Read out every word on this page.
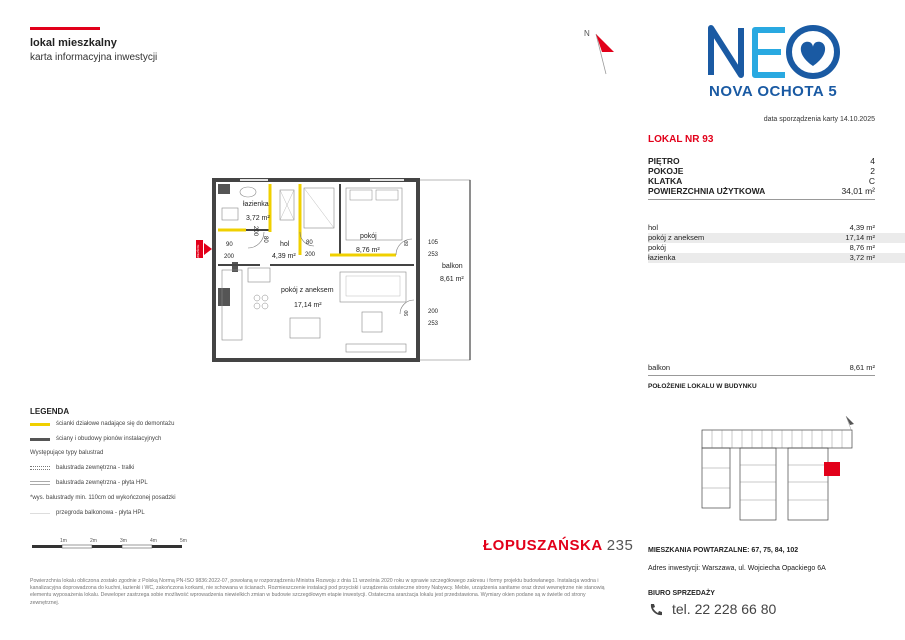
lokal mieszkalny
karta informacyjna inwestycji
N
NOVA OCHOTA 5
data sporządzenia karty 14.10.2025
LOKAL NR 93
PIĘTRO	4
POKOJE	2
KLATKA	C
POWIERZCHNIA UŻYTKOWA	34,01 m²
hol	4,39 m²
pokój z aneksem	17,14 m²
pokój	8,76 m²
łazienka	3,72 m²
balkon	8,61 m²
POŁOŻENIE LOKALU W BUDYNKU
MIESZKANIA POWTARZALNE: 67, 75, 84, 102
Adres inwestycji: Warszawa, ul. Wojciecha Opackiego 6A
BIURO SPRZEDAŻY
tel. 22 228 66 80
WEJŚCIE
łazienka
3,72 m²
hol
4,39 m²
pokój
8,76 m²
pokój z aneksem
17,14 m²
balkon
8,61 m²
90
200
80
200
80
200
105
253
200
253
80
90
LEGENDA
ścianki działowe nadające się do demontażu
ściany i obudowy pionów instalacyjnych
Występujące typy balustrad
balustrada zewnętrzna - tralki
balustrada zewnętrzna - płyta HPL
*wys. balustrady min. 110cm od wykończonej posadzki
przegroda balkonowa - płyta HPL
1m	2m	3m	4m	5m	ŁOPUSZAŃSKA 235
Powierzchnia lokalu obliczona zostało zgodnie z Polską Normą PN-ISO 9836:2022-07, powołaną w rozporządzeniu Ministra Rozwoju z dnia 11 września 2020 roku w sprawie szczegółowego zakresu i formy projektu budowlanego. Instalacja wodna i kanalizacyjna doprowadzona do kuchni, łazienki i WC, zakończona korkami, nie schowana w ścianach. Rozmieszczenie instalacji pod przyciski i urządzenia ostateczne strony Nabywcy. Meble, urządzenia sanitarne oraz drzwi wewnętrzne nie stanowią elementu wyposażenia lokalu. Deweloper zastrzega sobie możliwość wprowadzenia niewielkich zmian w budowie szczegółowym etapie inwestycji. Ostateczna aranżacja lokalu jest przedstawiona. Wymiary okien podane są w świetle od strony zewnętrznej.
